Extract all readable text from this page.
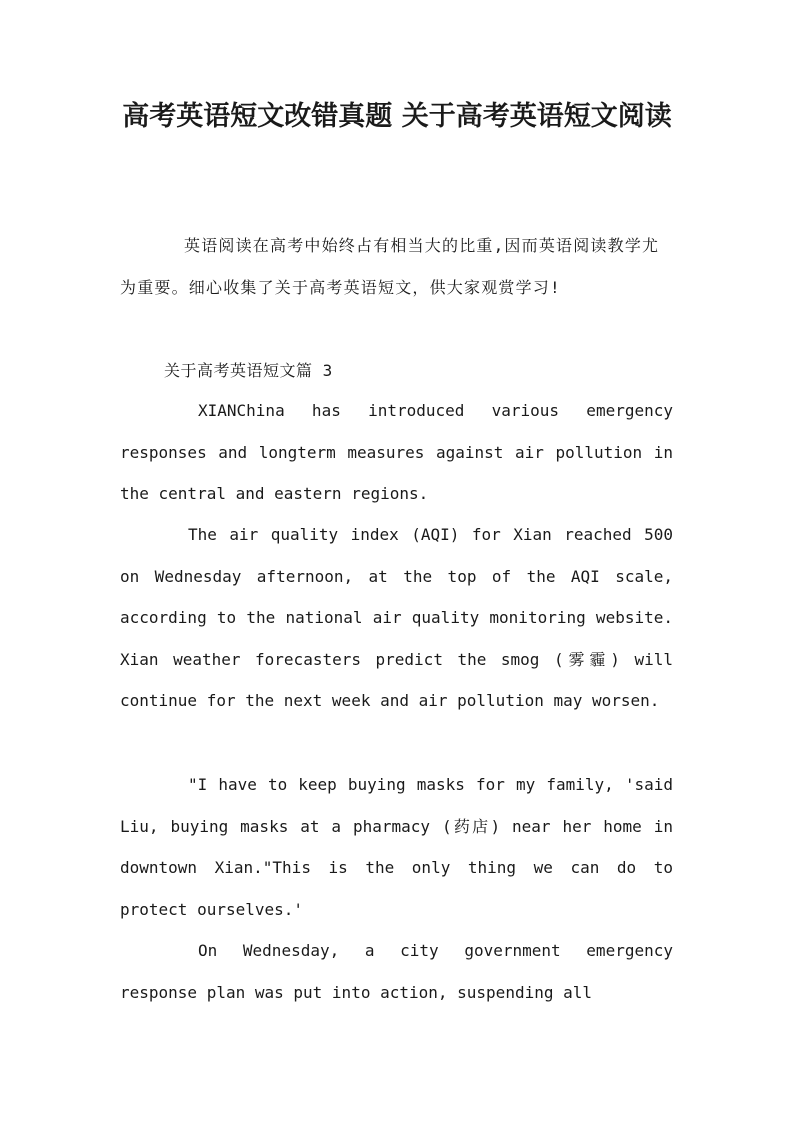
高考英语短文改错真题 关于高考英语短文阅读

英语阅读在高考中始终占有相当大的比重,因而英语阅读教学尤为重要。细心收集了关于高考英语短文，供大家观赏学习!

关于高考英语短文篇 3

XIANChina has introduced various emergency responses and longterm measures against air pollution in the central and eastern regions.

The air quality index (AQI) for Xian reached 500 on Wednesday afternoon, at the top of the AQI scale, according to the national air quality monitoring website. Xian weather forecasters predict the smog (雾霾) will continue for the next week and air pollution may worsen.

"I have to keep buying masks for my family, 'said Liu, buying masks at a pharmacy (药店) near her home in downtown Xian."This is the only thing we can do to protect ourselves.'

On Wednesday, a city government emergency response plan was put into action, suspending all
